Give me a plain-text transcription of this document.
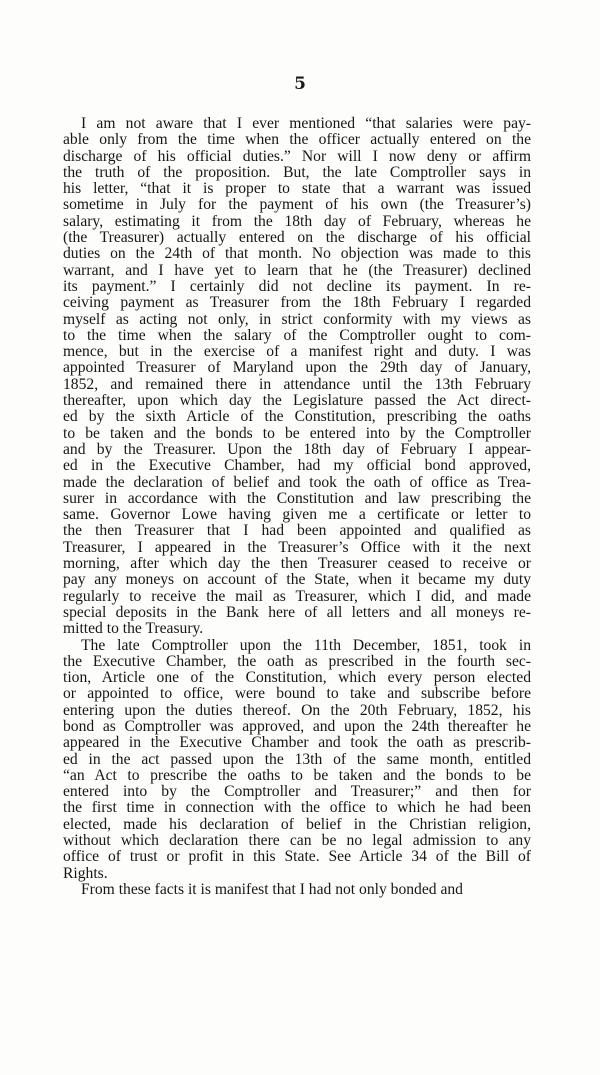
5

I am not aware that I ever mentioned “that salaries were pay-
able only from the time when the officer actually entered on the
discharge of his official duties.” Nor will I now deny or affirm
the truth of the proposition. But, the late Comptroller says in
his letter, “that it is proper to state that a warrant was issued
sometime in July for the payment of his own (the Treasurer’s)
salary, estimating it from the 18th day of February, whereas he
(the Treasurer) actually entered on the discharge of his official
duties on the 24th of that month. No objection was made to this
warrant, and I have yet to learn that he (the Treasurer) declined
its payment.” I certainly did not decline its payment. In re-
ceiving payment as Treasurer from the 18th February I regarded
myself as acting not only, in strict conformity with my views as
to the time when the salary of the Comptroller ought to com-
mence, but in the exercise of a manifest right and duty. I was
appointed Treasurer of Maryland upon the 29th day of January,
1852, and remained there in attendance until the 13th February
thereafter, upon which day the Legislature passed the Act direct-
ed by the sixth Article of the Constitution, prescribing the oaths
to be taken and the bonds to be entered into by the Comptroller
and by the Treasurer. Upon the 18th day of February I appear-
ed in the Executive Chamber, had my official bond approved,
made the declaration of belief and took the oath of office as Trea-
surer in accordance with the Constitution and law prescribing the
same. Governor Lowe having given me a certificate or letter to
the then Treasurer that I had been appointed and qualified as
Treasurer, I appeared in the Treasurer’s Office with it the next
morning, after which day the then Treasurer ceased to receive or
pay any moneys on account of the State, when it became my duty
regularly to receive the mail as Treasurer, which I did, and made
special deposits in the Bank here of all letters and all moneys re-
mitted to the Treasury.

The late Comptroller upon the 11th December, 1851, took in
the Executive Chamber, the oath as prescribed in the fourth sec-
tion, Article one of the Constitution, which every person elected
or appointed to office, were bound to take and subscribe before
entering upon the duties thereof. On the 20th February, 1852, his
bond as Comptroller was approved, and upon the 24th thereafter he
appeared in the Executive Chamber and took the oath as prescrib-
ed in the act passed upon the 13th of the same month, entitled
“an Act to prescribe the oaths to be taken and the bonds to be
entered into by the Comptroller and Treasurer;” and then for
the first time in connection with the office to which he had been
elected, made his declaration of belief in the Christian religion,
without which declaration there can be no legal admission to any
office of trust or profit in this State. See Article 34 of the Bill of
Rights.

From these facts it is manifest that I had not only bonded and
